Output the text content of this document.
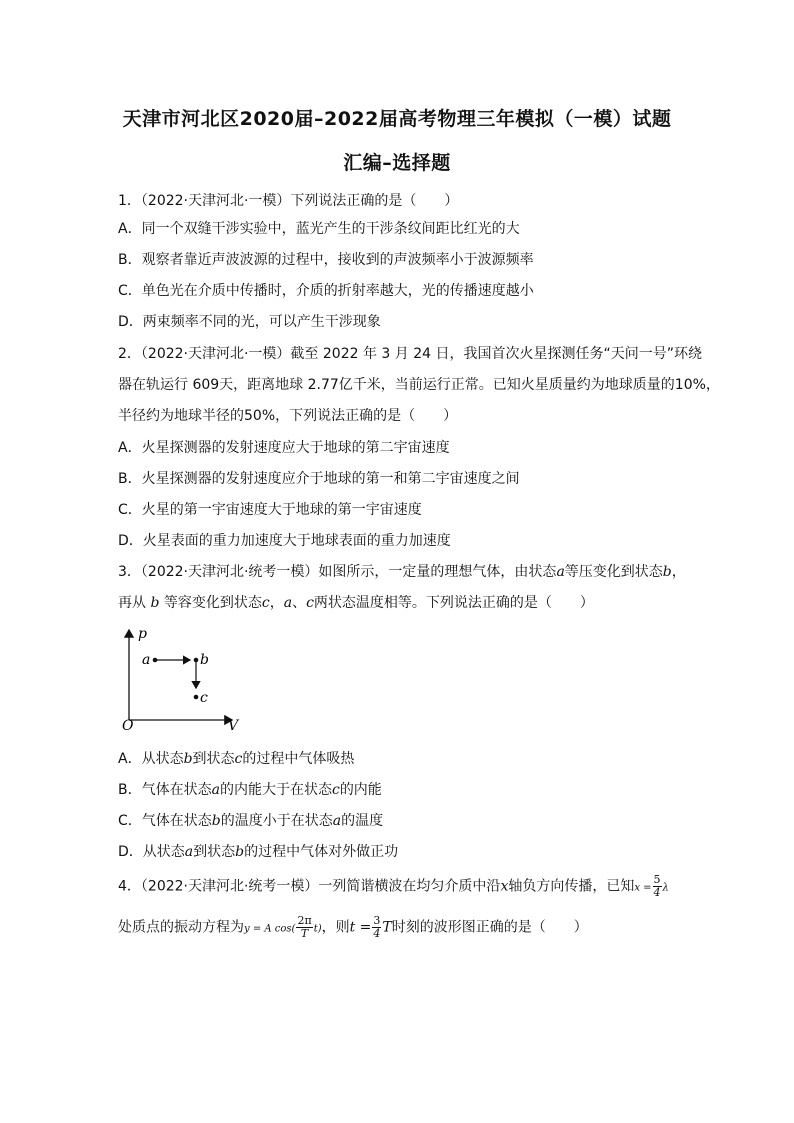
天津市河北区2020届–2022届高考物理三年模拟（一模）试题
汇编–选择题
1．（2022·天津河北·一模）下列说法正确的是（　　）
A．同一个双缝干涉实验中，蓝光产生的干涉条纹间距比红光的大
B．观察者靠近声波波源的过程中，接收到的声波频率小于波源频率
C．单色光在介质中传播时，介质的折射率越大，光的传播速度越小
D．两束频率不同的光，可以产生干涉现象
2．（2022·天津河北·一模）截至 2022 年 3 月 24 日，我国首次火星探测任务“天问一号”环绕
器在轨运行 609天，距离地球 2.77亿千米，当前运行正常。已知火星质量约为地球质量的10%，
半径约为地球半径的50%，下列说法正确的是（　　）
A．火星探测器的发射速度应大于地球的第二宇宙速度
B．火星探测器的发射速度应介于地球的第一和第二宇宙速度之间
C．火星的第一宇宙速度大于地球的第一宇宙速度
D．火星表面的重力加速度大于地球表面的重力加速度
3．（2022·天津河北·统考一模）如图所示，一定量的理想气体，由状态a等压变化到状态b，
再从 b 等容变化到状态c，a、c两状态温度相等。下列说法正确的是（　　）
p
V
O
a	b
c
A．从状态b到状态c的过程中气体吸热
B．气体在状态a的内能大于在状态c的内能
C．气体在状态b的温度小于在状态a的温度
D．从状态a到状态b的过程中气体对外做正功
4．（2022·天津河北·统考一模）一列简谐横波在均匀介质中沿x轴负方向传播，已知$x = \frac{5}{4}$ λ
处质点的振动方程为y = A $\cos( \frac{2\pi}{T} t)$，则$t = \frac{3}{4}$ T时刻的波形图正确的是（　　）
